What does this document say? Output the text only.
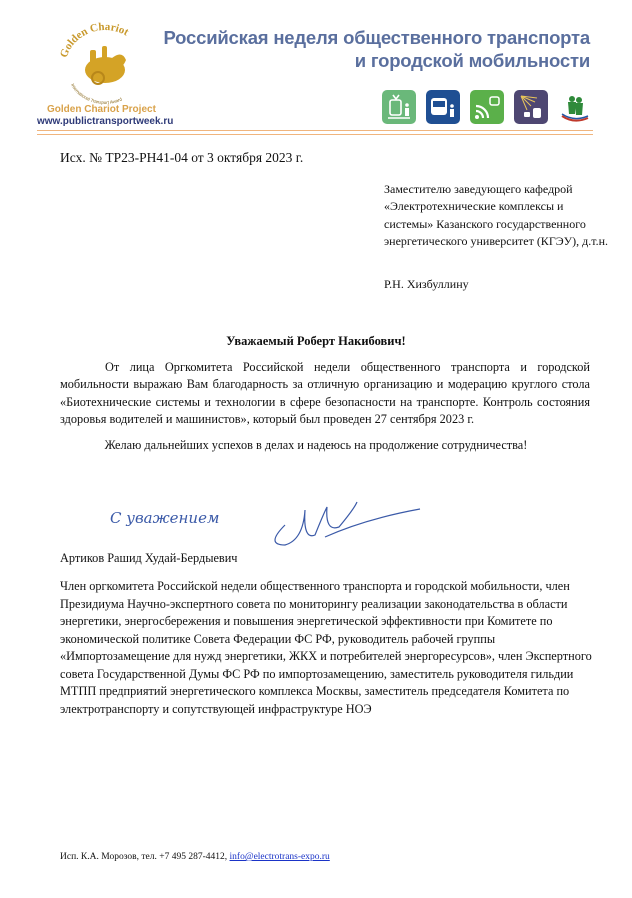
Golden Chariot
International Transport Award
Golden Chariot Project
www.publictransportweek.ru
Российская неделя общественного транспорта
и городской мобильности
Исх. № ТР23-РН41-04 от 3 октября 2023 г.
Заместителю заведующего кафедрой «Электротехнические комплексы и системы» Казанского государственного энергетического университет (КГЭУ), д.т.н.
Р.Н. Хизбуллину
Уважаемый Роберт Накибович!
От лица Оргкомитета Российской недели общественного транспорта и городской мобильности выражаю Вам благодарность за отличную организацию и модерацию круглого стола «Биотехнические системы и технологии в сфере безопасности на транспорте. Контроль состояния здоровья водителей и машинистов», который был проведен 27 сентября 2023 г.
Желаю дальнейших успехов в делах и надеюсь на продолжение сотрудничества!
С уважением
Артиков Рашид Худай-Бердыевич
Член оргкомитета Российской недели общественного транспорта и городской мобильности, член Президиума Научно-экспертного совета по мониторингу реализации законодательства в области энергетики, энергосбережения и повышения энергетической эффективности при Комитете по экономической политике Совета Федерации ФС РФ, руководитель рабочей группы «Импортозамещение для нужд энергетики, ЖКХ и потребителей энергоресурсов», член Экспертного совета Государственной Думы ФС РФ по импортозамещению, заместитель руководителя гильдии МТПП предприятий энергетического комплекса Москвы, заместитель председателя Комитета по электротранспорту и сопутствующей инфраструктуре НОЭ
Исп. К.А. Морозов, тел. +7 495 287-4412, info@electrotrans-expo.ru
